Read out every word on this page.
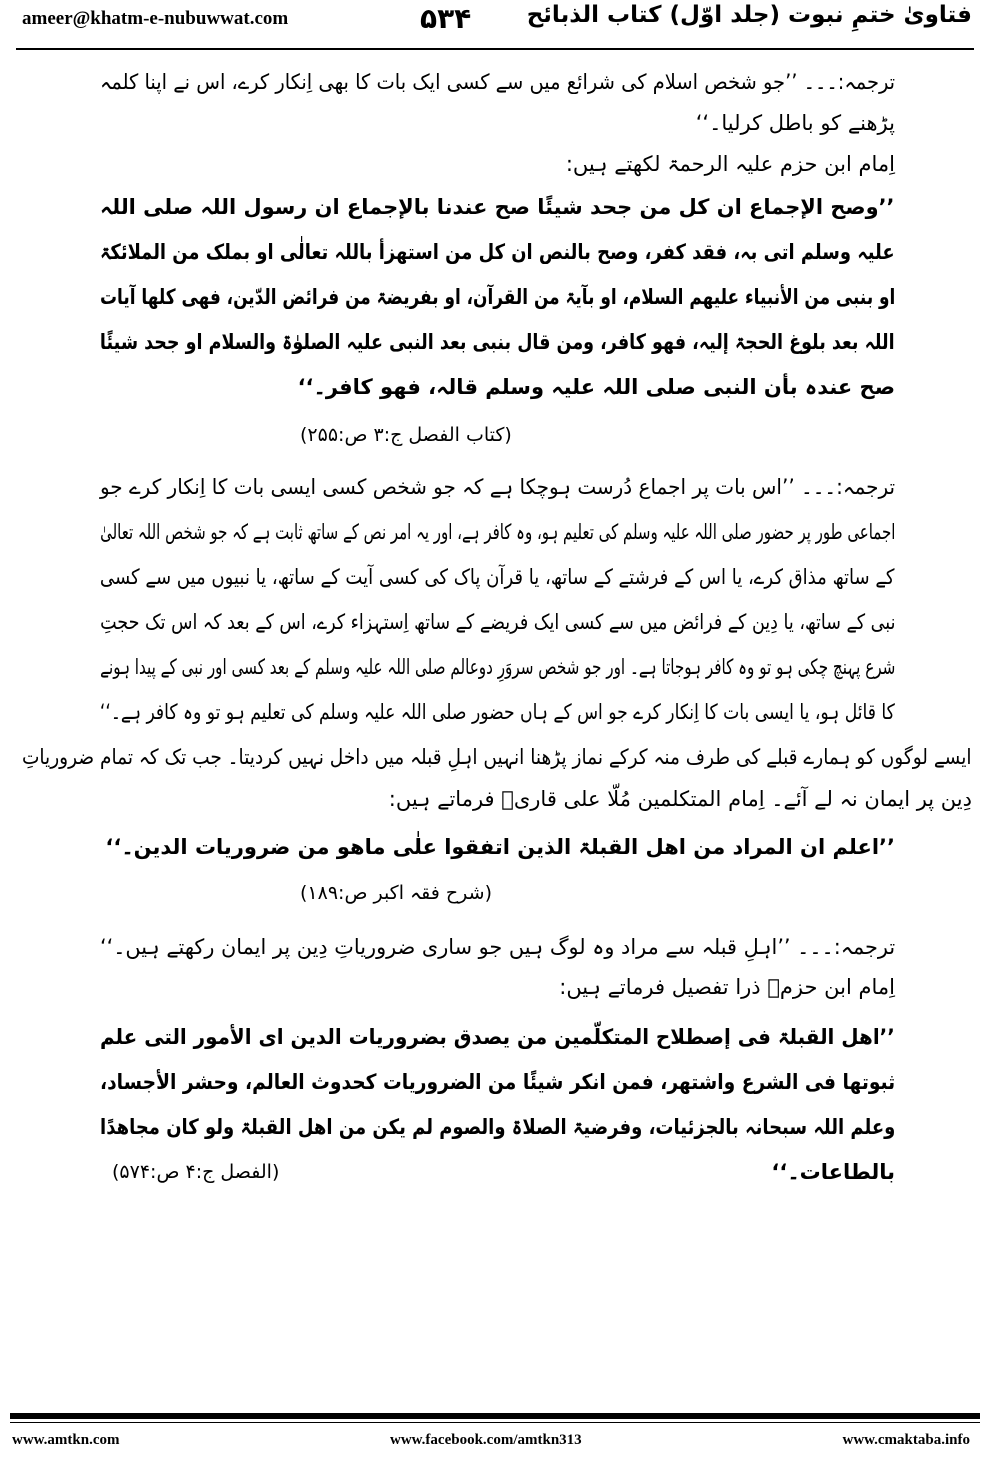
ameer@khatm-e-nubuwwat.com	۵۳۴ فتاویٰ ختمِ نبوت (جلد اوّل) کتاب الذبائح
ترجمہ:۔۔۔ ’’جو شخص اسلام کی شرائع میں سے کسی ایک بات کا بھی اِنکار کرے، اس نے اپنا کلمہ
پڑھنے کو باطل کرلیا۔‘‘
اِمام ابن حزم علیہ الرحمۃ لکھتے ہیں:
’’وصح الإجماع ان کل من جحد شیئًا صح عندنا بالإجماع ان رسول اللہ صلی اللہ
علیہ وسلم اتی بہ، فقد کفر، وصح بالنص ان کل من استھزأ باللہ تعالٰی او بملک من الملائکۃ
او بنبی من الأنبیاء علیھم السلام، او بآیۃ من القرآن، او بفریضۃ من فرائض الدّین، فھی کلھا آیات
اللہ بعد بلوغ الحجۃ إلیہ، فھو کافر، ومن قال بنبی بعد النبی علیہ الصلوٰۃ والسلام او جحد شیئًا
صح عندہ بأن النبی صلی اللہ علیہ وسلم قالہ، فھو کافر۔‘‘
(کتاب الفصل ج:۳ ص:۲۵۵)
ترجمہ:۔۔۔ ’’اس بات پر اجماع دُرست ہوچکا ہے کہ جو شخص کسی ایسی بات کا اِنکار کرے جو
اجماعی طور پر حضور صلی اللہ علیہ وسلم کی تعلیم ہو، وہ کافر ہے، اور یہ امر نص کے ساتھ ثابت ہے کہ جو شخص اللہ تعالیٰ
کے ساتھ مذاق کرے، یا اس کے فرشتے کے ساتھ، یا قرآن پاک کی کسی آیت کے ساتھ، یا نبیوں میں سے کسی
نبی کے ساتھ، یا دِین کے فرائض میں سے کسی ایک فریضے کے ساتھ اِستہزاء کرے، اس کے بعد کہ اس تک حجتِ
شرع پہنچ چکی ہو تو وہ کافر ہوجاتا ہے۔ اور جو شخص سروَرِ دوعالم صلی اللہ علیہ وسلم کے بعد کسی اور نبی کے پیدا ہونے
کا قائل ہو، یا ایسی بات کا اِنکار کرے جو اس کے ہاں حضور صلی اللہ علیہ وسلم کی تعلیم ہو تو وہ کافر ہے۔‘‘
ایسے لوگوں کو ہمارے قبلے کی طرف منہ کرکے نماز پڑھنا انہیں اہلِ قبلہ میں داخل نہیں کردیتا۔ جب تک کہ تمام ضروریاتِ
دِین پر ایمان نہ لے آئے۔ اِمام المتکلمین مُلّا علی قاریؒ فرماتے ہیں:
’’اعلم ان المراد من اھل القبلۃ الذین اتفقوا علٰی ماھو من ضروریات الدین۔‘‘
(شرح فقہ اکبر ص:۱۸۹)
ترجمہ:۔۔۔ ’’اہلِ قبلہ سے مراد وہ لوگ ہیں جو ساری ضروریاتِ دِین پر ایمان رکھتے ہیں۔‘‘
اِمام ابن حزمؒ ذرا تفصیل فرماتے ہیں:
’’اھل القبلۃ فی إصطلاح المتکلّمین من یصدق بضروریات الدین ای الأمور التی علم
ثبوتھا فی الشرع واشتھر، فمن انکر شیئًا من الضروریات کحدوث العالم، وحشر الأجساد،
وعلم اللہ سبحانہ بالجزئیات، وفرضیۃ الصلاۃ والصوم لم یکن من اھل القبلۃ ولو کان مجاھدًا
بالطاعات۔‘‘
(الفصل ج:۴ ص:۵۷۴)
www.amtkn.com	www.facebook.com/amtkn313	www.cmaktaba.info
